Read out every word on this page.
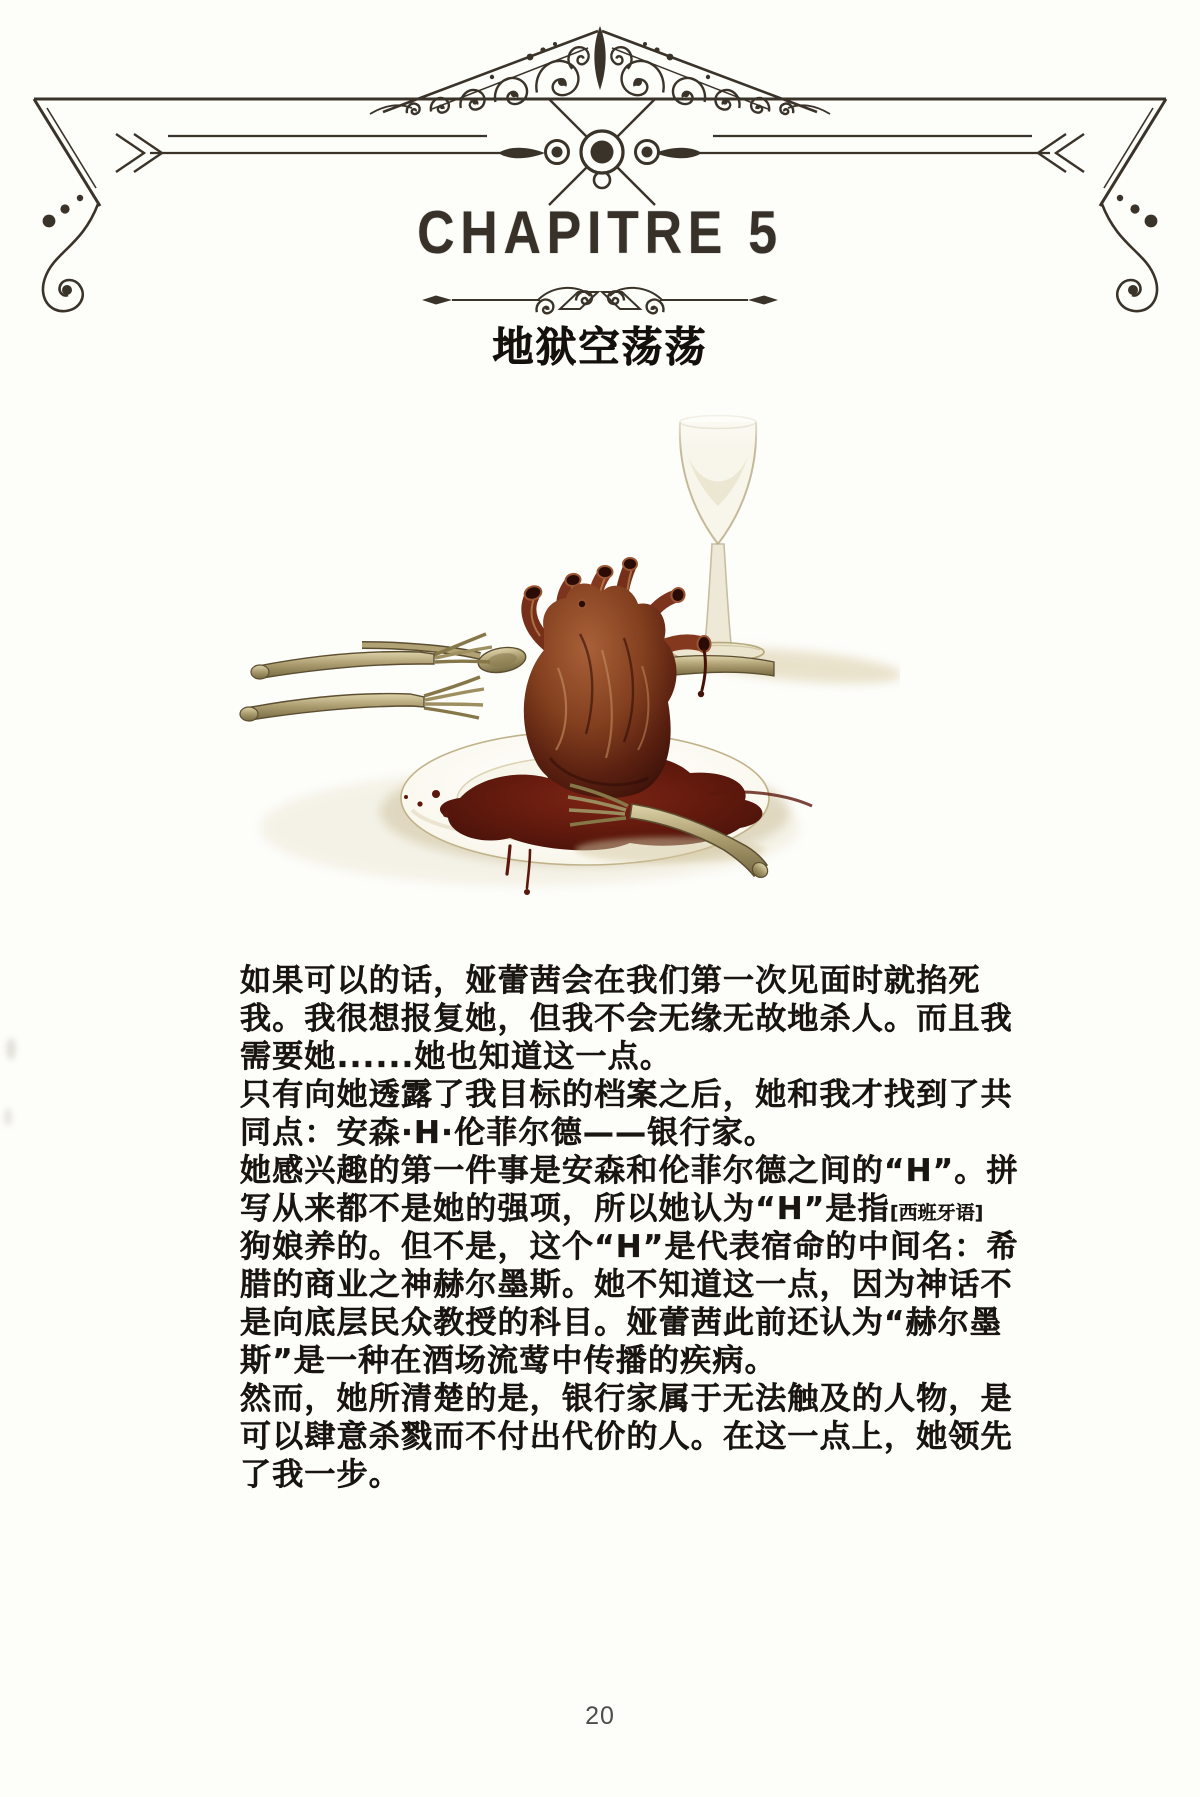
CHAPITRE 5
地狱空荡荡
如果可以的话，娅蕾茜会在我们第一次见面时就掐死
我。我很想报复她，但我不会无缘无故地杀人。而且我
需要她......她也知道这一点。
只有向她透露了我目标的档案之后，她和我才找到了共
同点：安森·H·伦菲尔德——银行家。
她感兴趣的第一件事是安森和伦菲尔德之间的“H”。拼
写从来都不是她的强项，所以她认为“H”是指[西班牙语]
狗娘养的。但不是，这个“H”是代表宿命的中间名：希
腊的商业之神赫尔墨斯。她不知道这一点，因为神话不
是向底层民众教授的科目。娅蕾茜此前还认为“赫尔墨
斯”是一种在酒场流莺中传播的疾病。
然而，她所清楚的是，银行家属于无法触及的人物，是
可以肆意杀戮而不付出代价的人。在这一点上，她领先
了我一步。
20
